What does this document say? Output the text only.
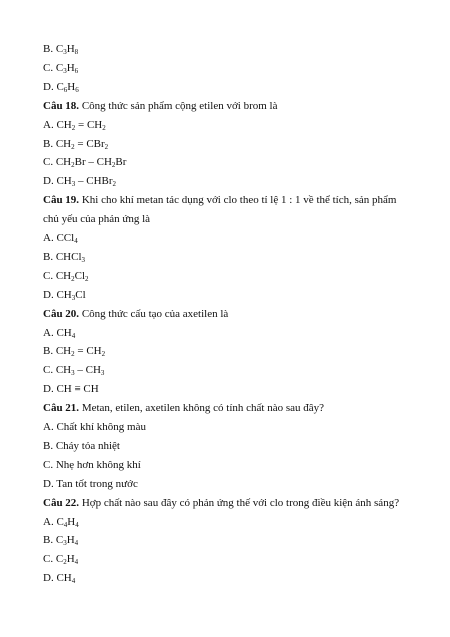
B. $C_3H_8$
C. $C_3H_6$
D. $C_6H_6$
Câu 18. Công thức sản phẩm cộng etilen với brom là
A. $CH_2 = CH_2$
B. $CH_2 = CBr_2$
C. $CH_2Br - CH_2Br$
D. $CH_3$ – CHBr$_2$
Câu 19. Khi cho khí metan tác dụng với clo theo tỉ lệ 1 : 1 về thể tích, sản phẩm
chủ yếu của phản ứng là
A. CCl$_4$
B. CHCl$_3$
C. $CH_2Cl_2$
D. $CH_3Cl$
Câu 20. Công thức cấu tạo của axetilen là
A. $CH_4$
B. $CH_2 = CH_2$
C. $CH_3 - CH_3$
D. CH ≡ CH
Câu 21. Metan, etilen, axetilen không có tính chất nào sau đây?
A. Chất khí không màu
B. Cháy tỏa nhiệt
C. Nhẹ hơn không khí
D. Tan tốt trong nước
Câu 22. Hợp chất nào sau đây có phản ứng thế với clo trong điều kiện ánh sáng?
A. $C_4H_4$
B. $C_3H_4$
C. $C_2H_4$
D. $CH_4$
